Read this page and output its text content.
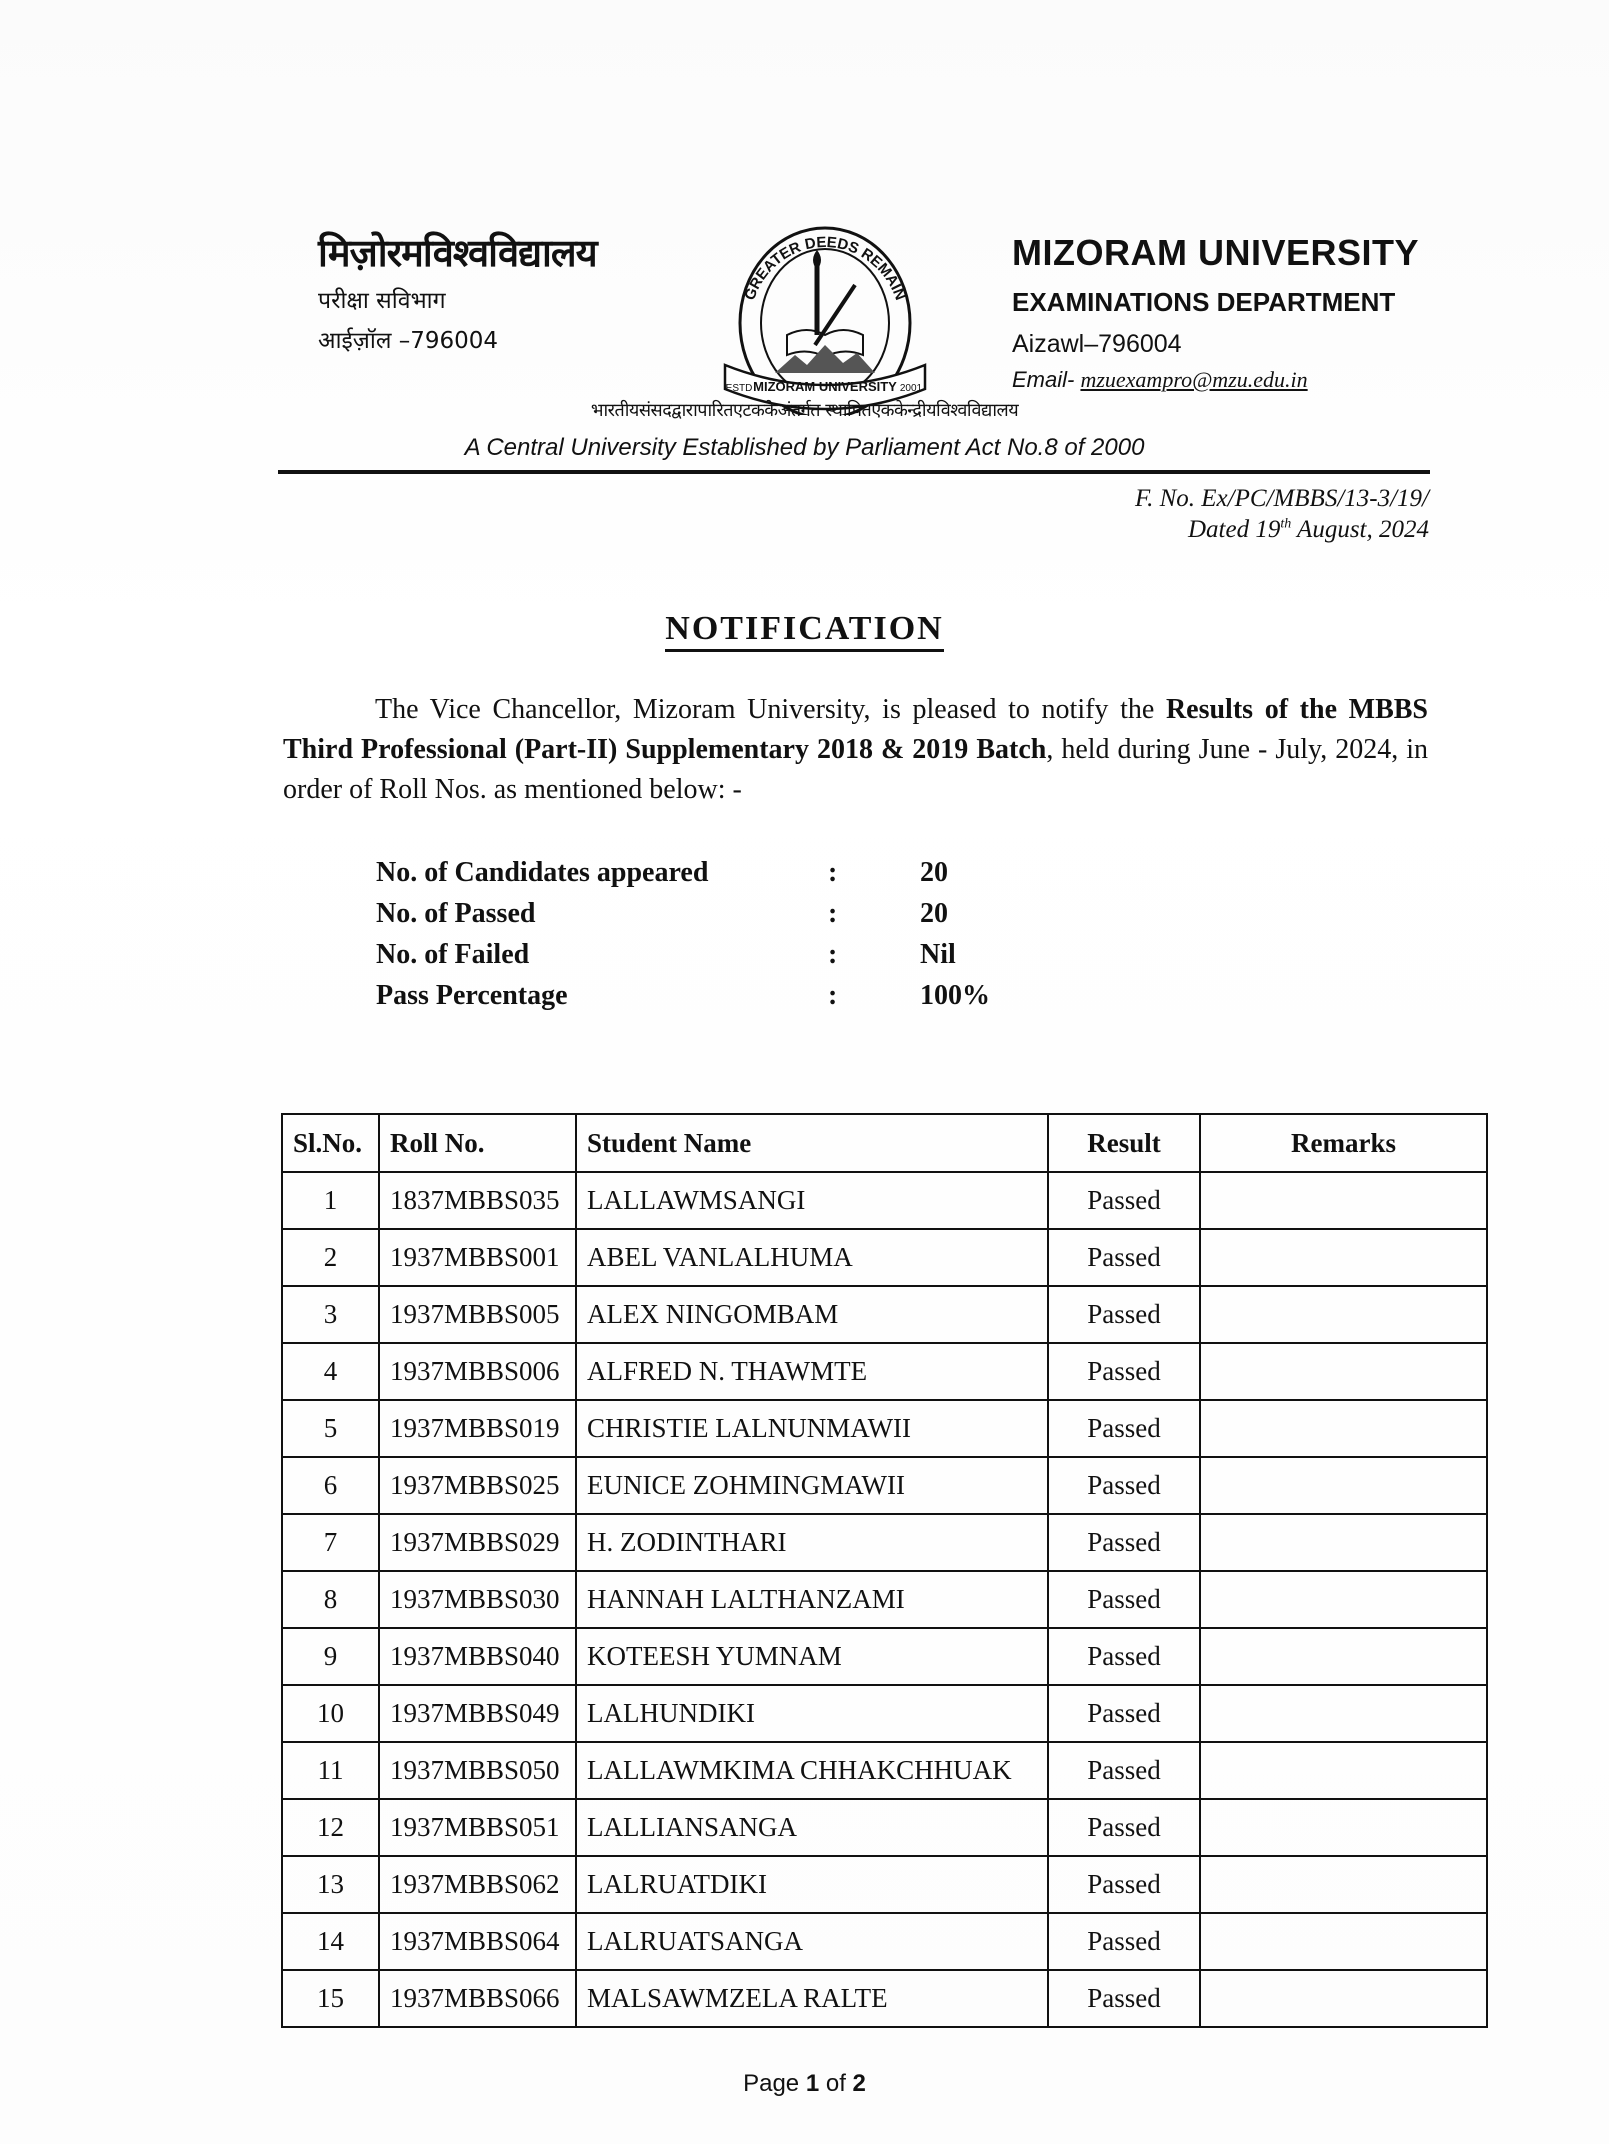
मिज़ोरमविश्वविद्यालय
परीक्षा सविभाग
आईज़ॉल –796004
GREATER DEEDS REMAIN
MIZORAM UNIVERSITY
ESTD	2001
MIZORAM UNIVERSITY
EXAMINATIONS DEPARTMENT
Aizawl–796004
Email- mzuexampro@mzu.edu.in
भारतीयसंसदद्वारापारितएटककेअंतर्गत स्थापितएककेन्द्रीयविश्वविद्यालय
A Central University Established by Parliament Act No.8 of 2000
F. No. Ex/PC/MBBS/13-3/19/
Dated 19th August, 2024
NOTIFICATION
The Vice Chancellor, Mizoram University, is pleased to notify the Results of the MBBS Third Professional (Part-II) Supplementary 2018 & 2019 Batch, held during June - July, 2024, in order of Roll Nos. as mentioned below: -
No. of Candidates appeared	:	20
No. of Passed	:	20
No. of Failed	:	Nil
Pass Percentage	:	100%
Sl.No.	Roll No.	Student Name	Result	Remarks
1	1837MBBS035	LALLAWMSANGI	Passed	
2	1937MBBS001	ABEL VANLALHUMA	Passed	
3	1937MBBS005	ALEX NINGOMBAM	Passed	
4	1937MBBS006	ALFRED N. THAWMTE	Passed	
5	1937MBBS019	CHRISTIE LALNUNMAWII	Passed	
6	1937MBBS025	EUNICE ZOHMINGMAWII	Passed	
7	1937MBBS029	H. ZODINTHARI	Passed	
8	1937MBBS030	HANNAH LALTHANZAMI	Passed	
9	1937MBBS040	KOTEESH YUMNAM	Passed	
10	1937MBBS049	LALHUNDIKI	Passed	
11	1937MBBS050	LALLAWMKIMA CHHAKCHHUAK	Passed	
12	1937MBBS051	LALLIANSANGA	Passed	
13	1937MBBS062	LALRUATDIKI	Passed	
14	1937MBBS064	LALRUATSANGA	Passed	
15	1937MBBS066	MALSAWMZELA RALTE	Passed	
Page 1 of 2
